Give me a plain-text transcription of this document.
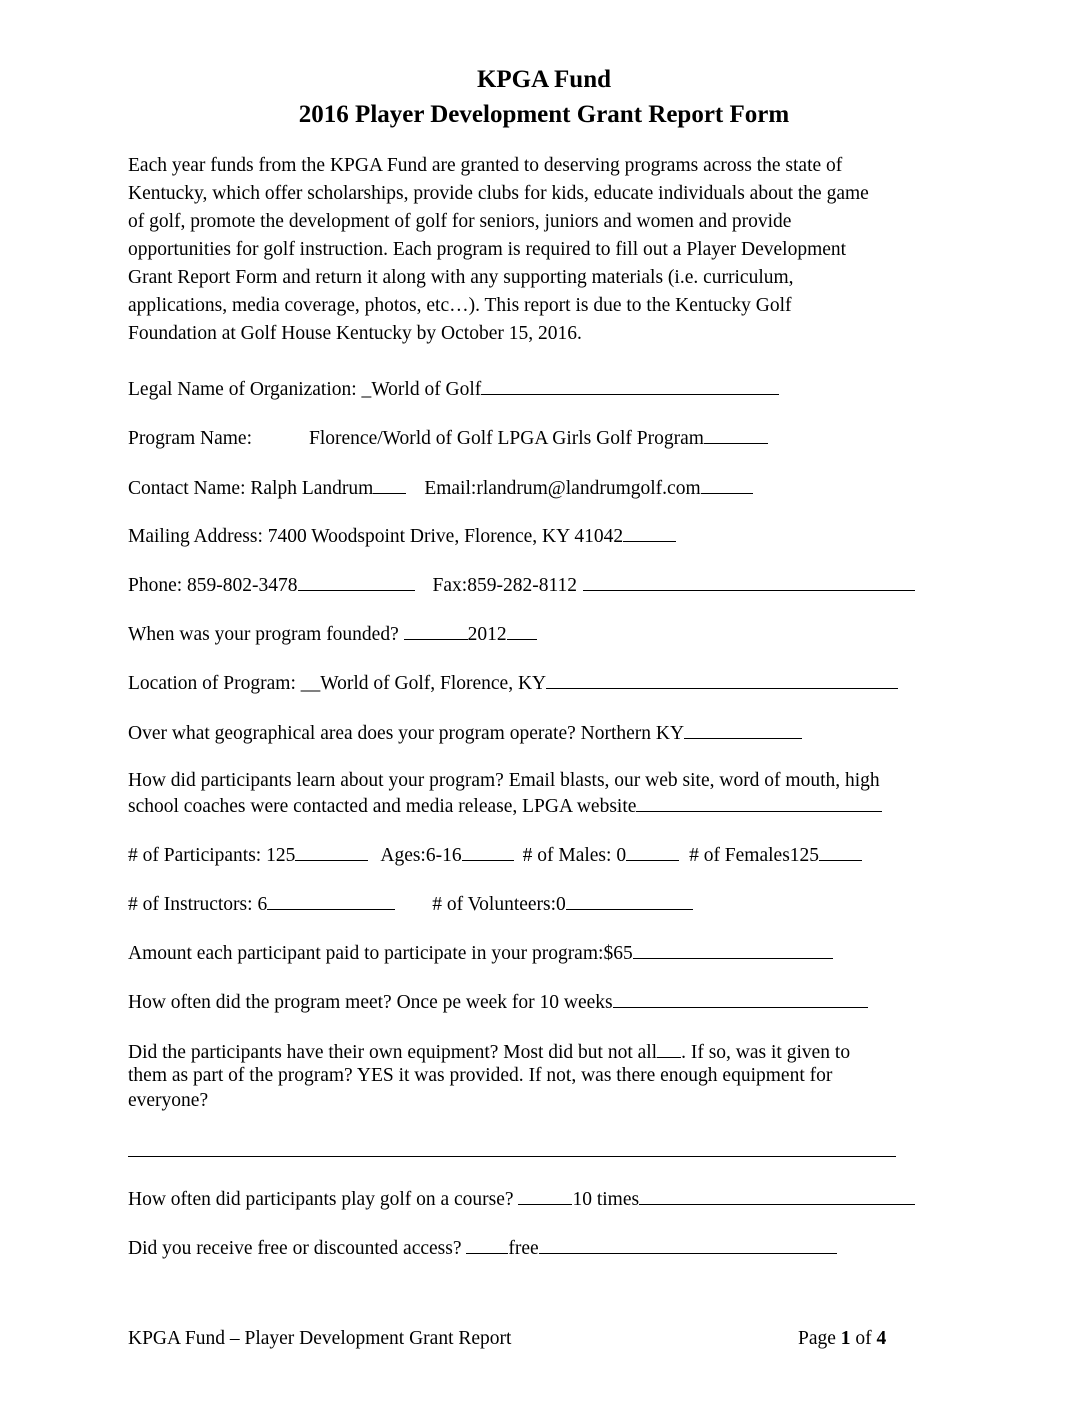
KPGA Fund
2016 Player Development Grant Report Form
Each year funds from the KPGA Fund are granted to deserving programs across the state of
Kentucky, which offer scholarships, provide clubs for kids, educate individuals about the game
of golf, promote the development of golf for seniors, juniors and women and provide
opportunities for golf instruction. Each program is required to fill out a Player Development
Grant Report Form and return it along with any supporting materials (i.e. curriculum,
applications, media coverage, photos, etc…). This report is due to the Kentucky Golf
Foundation at Golf House Kentucky by October 15, 2016.
Legal Name of Organization: _World of Golf
Program Name:	Florence/World of Golf LPGA Girls Golf Program
Contact Name: Ralph Landrum	Email:rlandrum@landrumgolf.com
Mailing Address: 7400 Woodspoint Drive, Florence, KY 41042
Phone: 859-802-3478	Fax:859-282-8112
When was your program founded?	2012
Location of Program: __World of Golf, Florence, KY
Over what geographical area does your program operate? Northern KY
How did participants learn about your program? Email blasts, our web site, word of mouth, high
school coaches were contacted and media release, LPGA website
# of Participants: 125	Ages:6-16	# of Males: 0	# of Females125
# of Instructors: 6	# of Volunteers:0
Amount each participant paid to participate in your program:$65
How often did the program meet? Once pe week for 10 weeks
Did the participants have their own equipment? Most did but not all . If so, was it given to
them as part of the program? YES it was provided. If not, was there enough equipment for
everyone?
How often did participants play golf on a course?	10 times
Did you receive free or discounted access? free
KPGA Fund – Player Development Grant Report	Page 1 of 4
